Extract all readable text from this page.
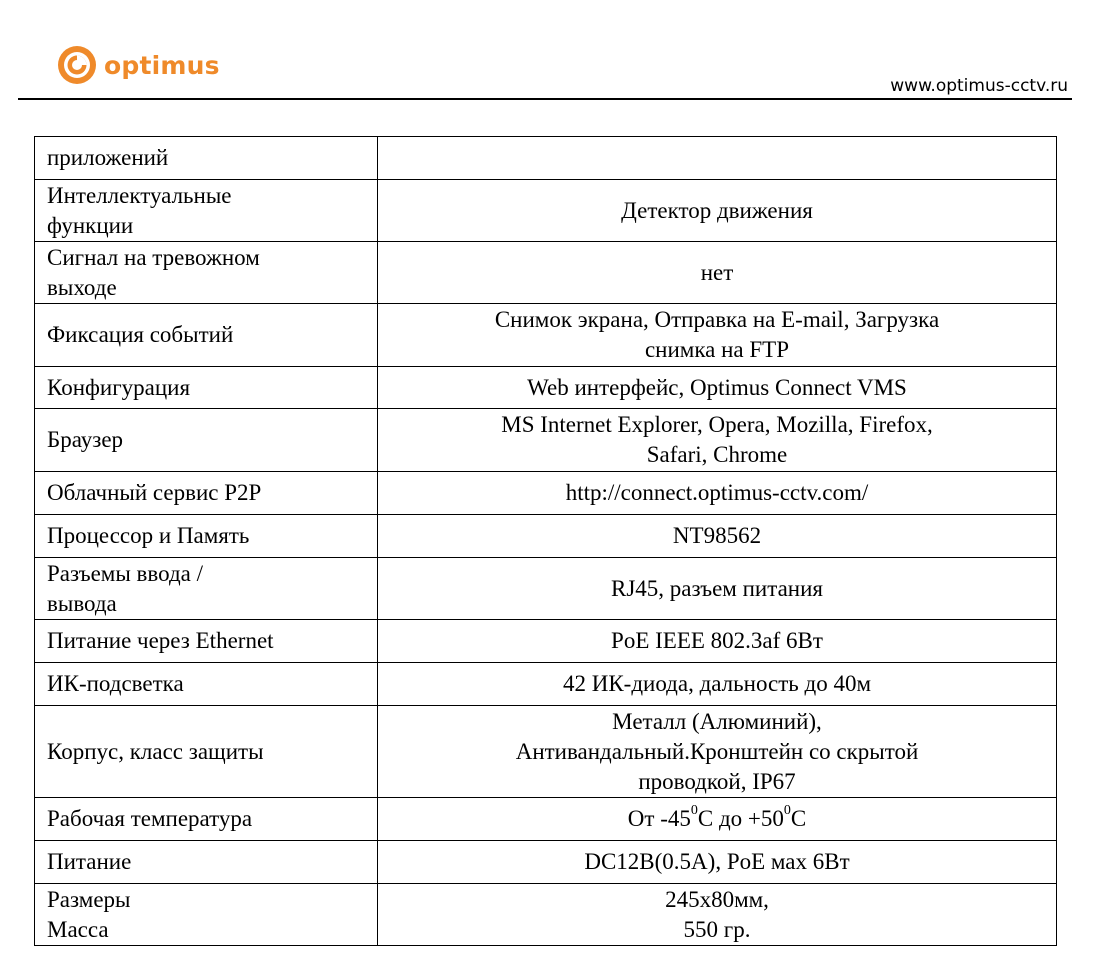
optimus
www.optimus-cctv.ru
приложений	

Интеллектуальные
функции	Детектор движения

Сигнал на тревожном
выходе	нет

Фиксация событий	Снимок экрана, Отправка на E-mail, Загрузка
снимка на FTP

Конфигурация	Web интерфейс, Optimus Connect VMS

Браузер	MS Internet Explorer, Opera, Mozilla, Firefox,
Safari, Chrome

Облачный сервис P2P	http://connect.optimus-cctv.com/

Процессор и Память	NT98562

Разъемы ввода /
вывода	RJ45, разъем питания

Питание через Ethernet	PoE IEEE 802.3af 6Вт

ИК-подсветка	42 ИК-диода, дальность до 40м

Корпус, класс защиты	Металл (Алюминий),
Антивандальный.Кронштейн со скрытой
проводкой, IP67

Рабочая температура	От $-45^0С$ до $+50^0С$

Питание	DC12В(0.5А), PoE мах 6Вт

Размеры
Масса	245x80мм,
550 гр.
